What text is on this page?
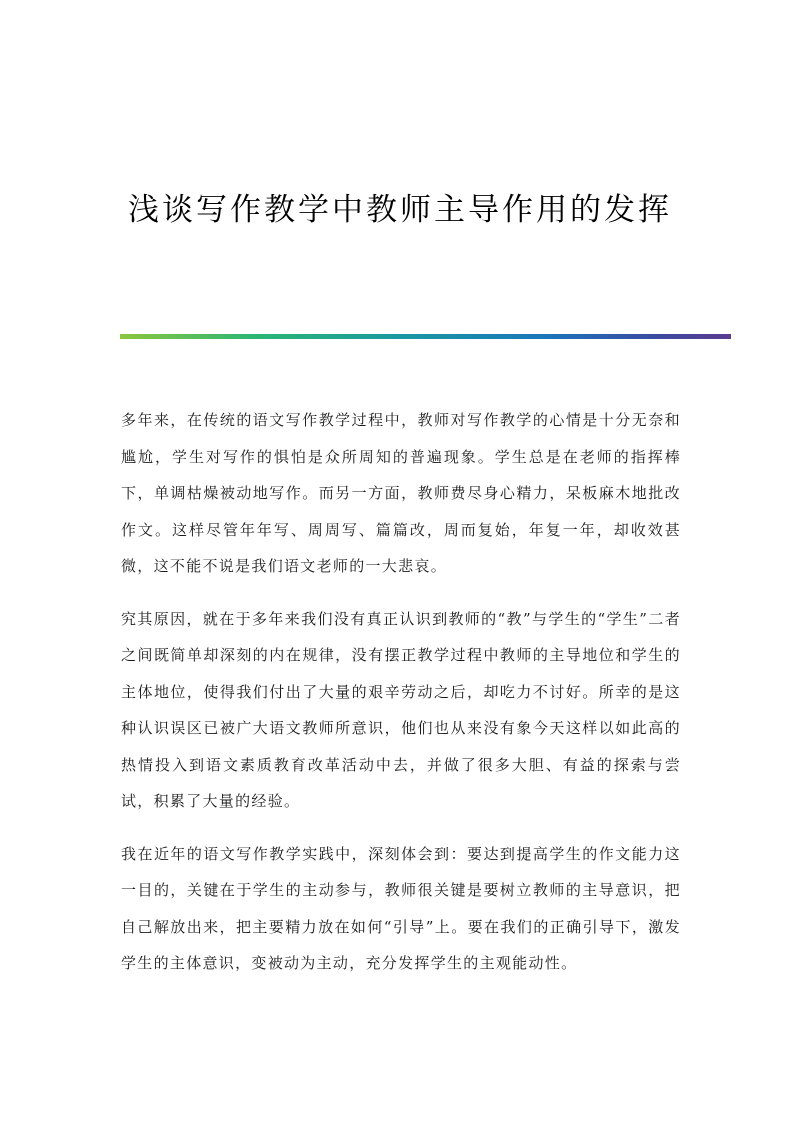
浅谈写作教学中教师主导作用的发挥

多年来，在传统的语文写作教学过程中，教师对写作教学的心情是十分无奈和尴尬，学生对写作的惧怕是众所周知的普遍现象。学生总是在老师的指挥棒下，单调枯燥被动地写作。而另一方面，教师费尽身心精力，呆板麻木地批改作文。这样尽管年年写、周周写、篇篇改，周而复始，年复一年，却收效甚微，这不能不说是我们语文老师的一大悲哀。

究其原因，就在于多年来我们没有真正认识到教师的“教”与学生的“学生”二者之间既简单却深刻的内在规律，没有摆正教学过程中教师的主导地位和学生的主体地位，使得我们付出了大量的艰辛劳动之后，却吃力不讨好。所幸的是这种认识误区已被广大语文教师所意识，他们也从来没有象今天这样以如此高的热情投入到语文素质教育改革活动中去，并做了很多大胆、有益的探索与尝试，积累了大量的经验。

我在近年的语文写作教学实践中，深刻体会到：要达到提高学生的作文能力这一目的，关键在于学生的主动参与，教师很关键是要树立教师的主导意识，把自己解放出来，把主要精力放在如何“引导”上。要在我们的正确引导下，激发学生的主体意识，变被动为主动，充分发挥学生的主观能动性。
